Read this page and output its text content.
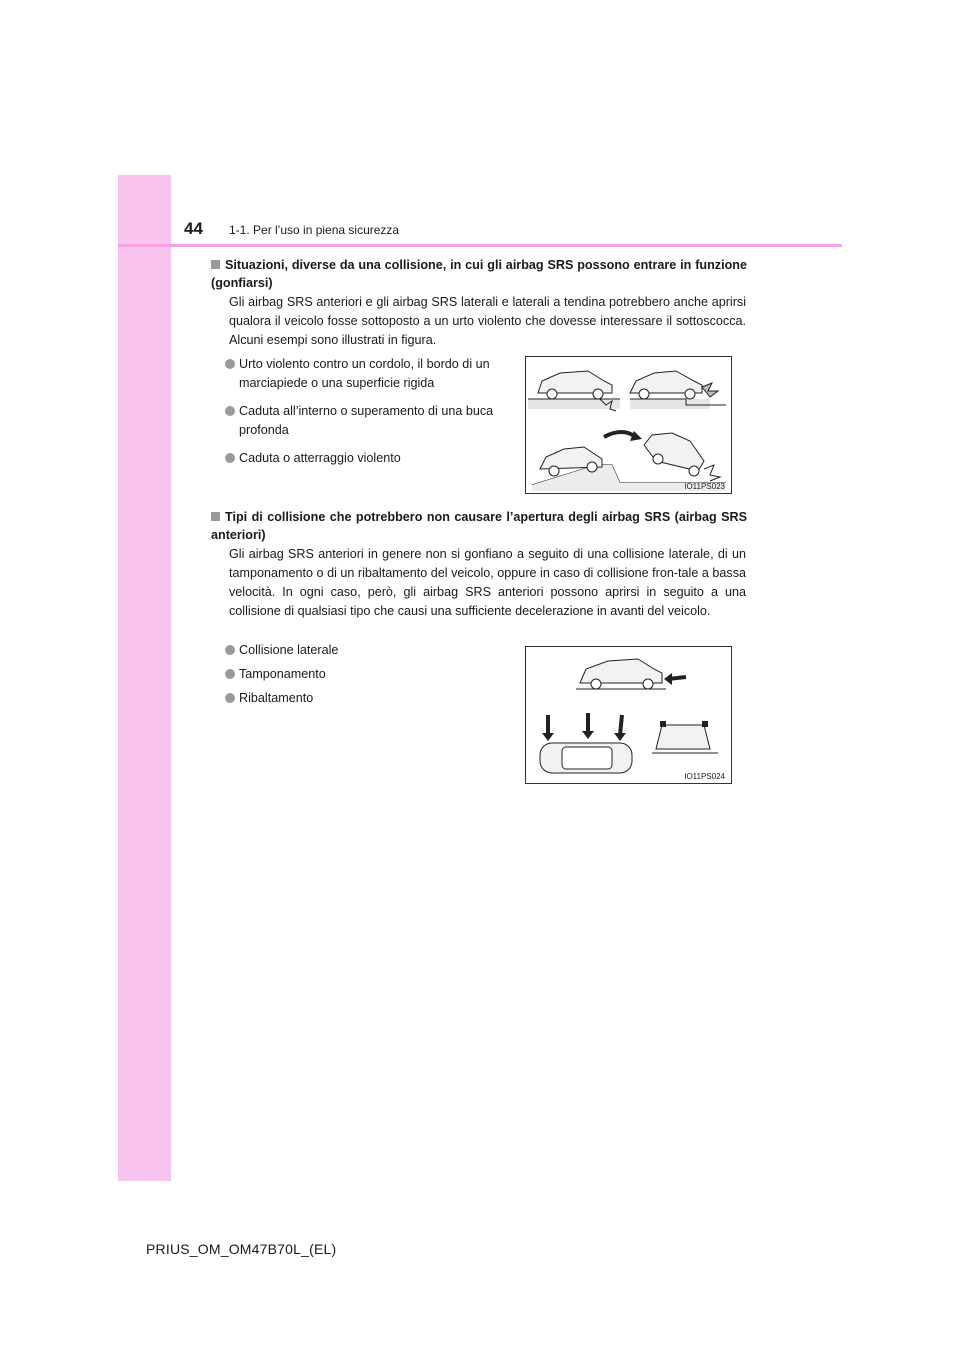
44 1-1. Per l’uso in piena sicurezza
Situazioni, diverse da una collisione, in cui gli airbag SRS possono entrare in funzione (gonfiarsi)
Gli airbag SRS anteriori e gli airbag SRS laterali e laterali a tendina potrebbero anche aprirsi qualora il veicolo fosse sottoposto a un urto violento che dovesse interessare il sottoscocca. Alcuni esempi sono illustrati in figura.
Urto violento contro un cordolo, il bordo di un marciapiede o una superficie rigida
Caduta all’interno o superamento di una buca profonda
Caduta o atterraggio violento
IO11PS023
Tipi di collisione che potrebbero non causare l’apertura degli airbag SRS (airbag SRS anteriori)
Gli airbag SRS anteriori in genere non si gonfiano a seguito di una collisione laterale, di un tamponamento o di un ribaltamento del veicolo, oppure in caso di collisione fron-tale a bassa velocità. In ogni caso, però, gli airbag SRS anteriori possono aprirsi in seguito a una collisione di qualsiasi tipo che causi una sufficiente decelerazione in avanti del veicolo.
Collisione laterale
Tamponamento
Ribaltamento
IO11PS024
PRIUS_OM_OM47B70L_(EL)
